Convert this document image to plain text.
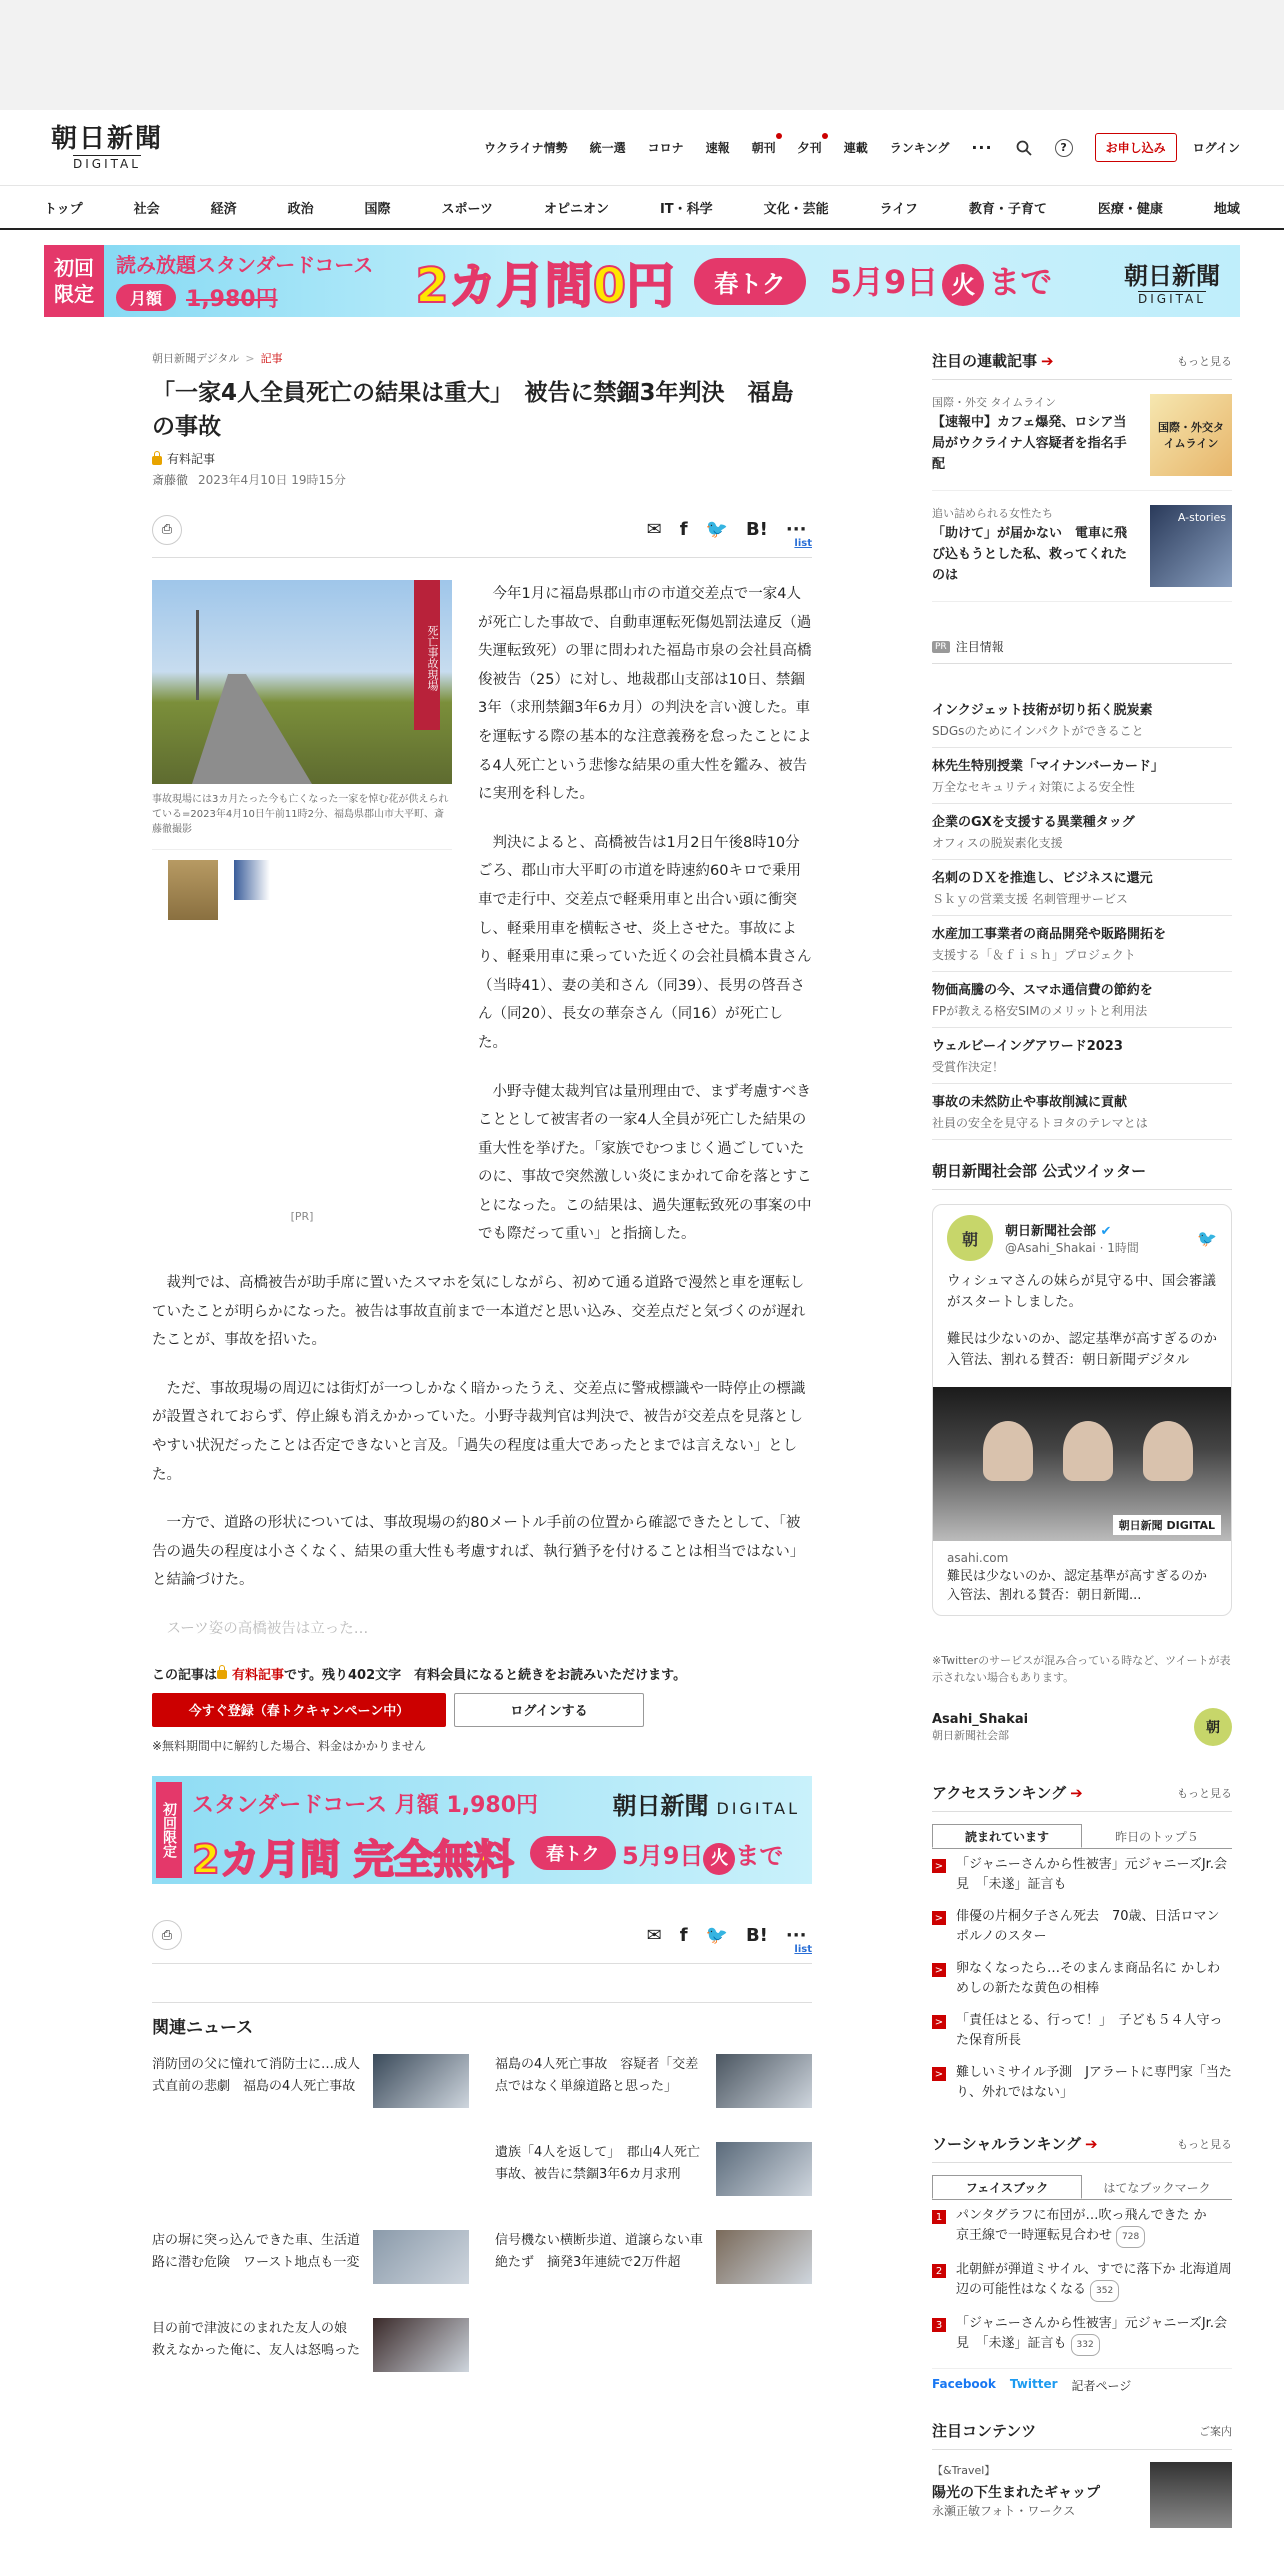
朝日新聞
DIGITAL
ウクライナ情勢 統一選 コロナ 速報 朝刊 夕刊 連載 ランキング ···	?	お申し込み	ログイン
トップ	社会	経済	政治	国際	スポーツ	オピニオン	IT・科学	文化・芸能	ライフ	教育・子育て	医療・健康	地域
初回
限定
読み放題スタンダードコース
月額	1,980円	2カ月間0円	春トク	5月9日 火 まで	朝日新聞
DIGITAL
朝日新聞デジタル > 記事
「一家4人全員死亡の結果は重大」　被告に禁錮3年判決　福島の事故
有料記事
斎藤徹 2023年4月10日 19時15分
⎙	✉ f 🐦 B! ···
list
死亡事故現場
事故現場には3カ月たった今も亡くなった一家を悼む花が供えられている=2023年4月10日午前11時2分、福島県郡山市大平町、斎藤徹撮影
[PR]

今年1月に福島県郡山市の市道交差点で一家4人が死亡した事故で、自動車運転死傷処罰法違反（過失運転致死）の罪に問われた福島市泉の会社員高橋俊被告（25）に対し、地裁郡山支部は10日、禁錮3年（求刑禁錮3年6カ月）の判決を言い渡した。車を運転する際の基本的な注意義務を怠ったことによる4人死亡という悲惨な結果の重大性を鑑み、被告に実刑を科した。

判決によると、高橋被告は1月2日午後8時10分ごろ、郡山市大平町の市道を時速約60キロで乗用車で走行中、交差点で軽乗用車と出合い頭に衝突し、軽乗用車を横転させ、炎上させた。事故により、軽乗用車に乗っていた近くの会社員橋本貴さん（当時41）、妻の美和さん（同39）、長男の啓吾さん（同20）、長女の華奈さん（同16）が死亡した。

小野寺健太裁判官は量刑理由で、まず考慮すべきこととして被害者の一家4人全員が死亡した結果の重大性を挙げた。「家族でむつまじく過ごしていたのに、事故で突然激しい炎にまかれて命を落とすことになった。この結果は、過失運転致死の事案の中でも際だって重い」と指摘した。

裁判では、高橋被告が助手席に置いたスマホを気にしながら、初めて通る道路で漫然と車を運転していたことが明らかになった。被告は事故直前まで一本道だと思い込み、交差点だと気づくのが遅れたことが、事故を招いた。

ただ、事故現場の周辺には街灯が一つしかなく暗かったうえ、交差点に警戒標識や一時停止の標識が設置されておらず、停止線も消えかかっていた。小野寺裁判官は判決で、被告が交差点を見落としやすい状況だったことは否定できないと言及。「過失の程度は重大であったとまでは言えない」とした。

一方で、道路の形状については、事故現場の約80メートル手前の位置から確認できたとして、「被告の過失の程度は小さくなく、結果の重大性も考慮すれば、執行猶予を付けることは相当ではない」と結論づけた。

スーツ姿の高橋被告は立った…

この記事は 有料記事です。残り402文字　有料会員になると続きをお読みいただけます。
今すぐ登録（春トクキャンペーン中）	ログインする
※無料期間中に解約した場合、料金はかかりません
初回限定 スタンダードコース 月額 1,980円
2カ月間 完全無料
朝日新聞 DIGITAL
春トク 5月9日 火 まで
⎙	✉ f 🐦 B! ···
list
関連ニュース
消防団の父に憧れて消防士に…成人式直前の悲劇　福島の4人死亡事故
福島の4人死亡事故　容疑者「交差点ではなく単線道路と思った」
遺族「4人を返して」　郡山4人死亡事故、被告に禁錮3年6カ月求刑
店の塀に突っ込んできた車、生活道路に潜む危険　ワースト地点も一変
信号機ない横断歩道、道譲らない車絶たず　摘発3年連続で2万件超
目の前で津波にのまれた友人の娘　救えなかった俺に、友人は怒鳴った
注目の連載記事 ➔	もっと見る
国際・外交 タイムライン
【速報中】カフェ爆発、ロシア当局がウクライナ人容疑者を指名手配
国際・外交タイムライン
追い詰められる女性たち
「助けて」が届かない　電車に飛び込もうとした私、救ってくれたのは
A-stories
PR 注目情報
インクジェット技術が切り拓く脱炭素
SDGsのためにインパクトができること
林先生特別授業「マイナンバーカード」
万全なセキュリティ対策による安全性
企業のGXを支援する異業種タッグ
オフィスの脱炭素化支援
名刺のＤＸを推進し、ビジネスに還元
Ｓｋｙの営業支援 名刺管理サービス
水産加工事業者の商品開発や販路開拓を
支援する「＆ｆｉｓｈ」プロジェクト
物価高騰の今、スマホ通信費の節約を
FPが教える格安SIMのメリットと利用法
ウェルビーイングアワード2023
受賞作決定！
事故の未然防止や事故削減に貢献
社員の安全を見守るトヨタのテレマとは
朝日新聞社会部 公式ツイッター
朝	朝日新聞社会部 ✔
@Asahi_Shakai · 1時間
🐦

ウィシュマさんの妹らが見守る中、国会審議がスタートしました。

難民は少ないのか、認定基準が高すぎるのか　入管法、割れる賛否：朝日新聞デジタル

朝日新聞 DIGITAL
asahi.com
難民は少ないのか、認定基準が高すぎるのか　入管法、割れる賛否：朝日新聞...
※Twitterのサービスが混み合っている時など、ツイートが表示されない場合もあります。
Asahi_Shakai
朝日新聞社会部	朝
アクセスランキング ➔	もっと見る
読まれています	昨日のトップ５
> 「ジャニーさんから性被害」元ジャニーズJr.会見　「未遂」証言も
> 俳優の片桐夕子さん死去　70歳、日活ロマンポルノのスター
> 卵なくなったら…そのまんま商品名に かしわめしの新たな黄色の相棒
> 「責任はとる、行って！」　子ども５４人守った保育所長
> 難しいミサイル予測　Jアラートに専門家「当たり、外れではない」
ソーシャルランキング ➔	もっと見る
フェイスブック	はてなブックマーク
1 パンタグラフに布団が…吹っ飛んできた か　京王線で一時運転見合わせ 728
2 北朝鮮が弾道ミサイル、すでに落下か 北海道周辺の可能性はなくなる 352
3 「ジャニーさんから性被害」元ジャニーズJr.会見　「未遂」証言も 332
Facebook Twitter 記者ページ
注目コンテンツ	ご案内
【&Travel】
陽光の下生まれたギャップ
永瀬正敏フォト・ワークス
